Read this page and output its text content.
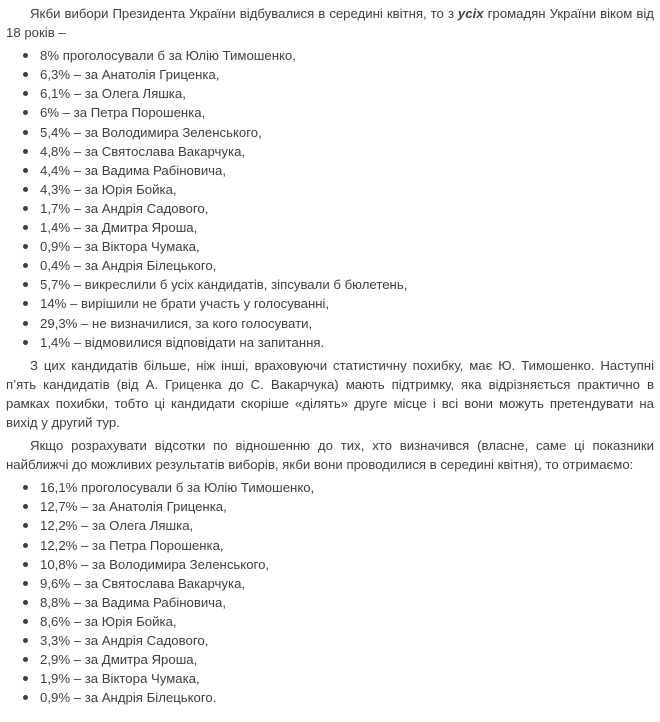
Якби вибори Президента України відбувалися в середині квітня, то з усіх громадян України віком від 18 років –

8% проголосували б за Юлію Тимошенко,
6,3% – за Анатолія Гриценка,
6,1% – за Олега Ляшка,
6% – за Петра Порошенка,
5,4% – за Володимира Зеленського,
4,8% – за Святослава Вакарчука,
4,4% – за Вадима Рабіновича,
4,3% – за Юрія Бойка,
1,7% – за Андрія Садового,
1,4% – за Дмитра Яроша,
0,9% – за Віктора Чумака,
0,4% – за Андрія Білецького,
5,7% – викреслили б усіх кандидатів, зіпсували б бюлетень,
14% – вирішили не брати участь у голосуванні,
29,3% – не визначилися, за кого голосувати,
1,4% – відмовилися відповідати на запитання.

З цих кандидатів більше, ніж інші, враховуючи статистичну похибку, має Ю. Тимошенко. Наступні п’ять кандидатів (від А. Гриценка до С. Вакарчука) мають підтримку, яка відрізняється практично в рамках похибки, тобто ці кандидати скоріше «ділять» друге місце і всі вони можуть претендувати на вихід у другий тур.

Якщо розрахувати відсотки по відношенню до тих, хто визначився (власне, саме ці показники найближчі до можливих результатів виборів, якби вони проводилися в середині квітня), то отримаємо:

16,1% проголосували б за Юлію Тимошенко,
12,7% – за Анатолія Гриценка,
12,2% – за Олега Ляшка,
12,2% – за Петра Порошенка,
10,8% – за Володимира Зеленського,
9,6% – за Святослава Вакарчука,
8,8% – за Вадима Рабіновича,
8,6% – за Юрія Бойка,
3,3% – за Андрія Садового,
2,9% – за Дмитра Яроша,
1,9% – за Віктора Чумака,
0,9% – за Андрія Білецького.
